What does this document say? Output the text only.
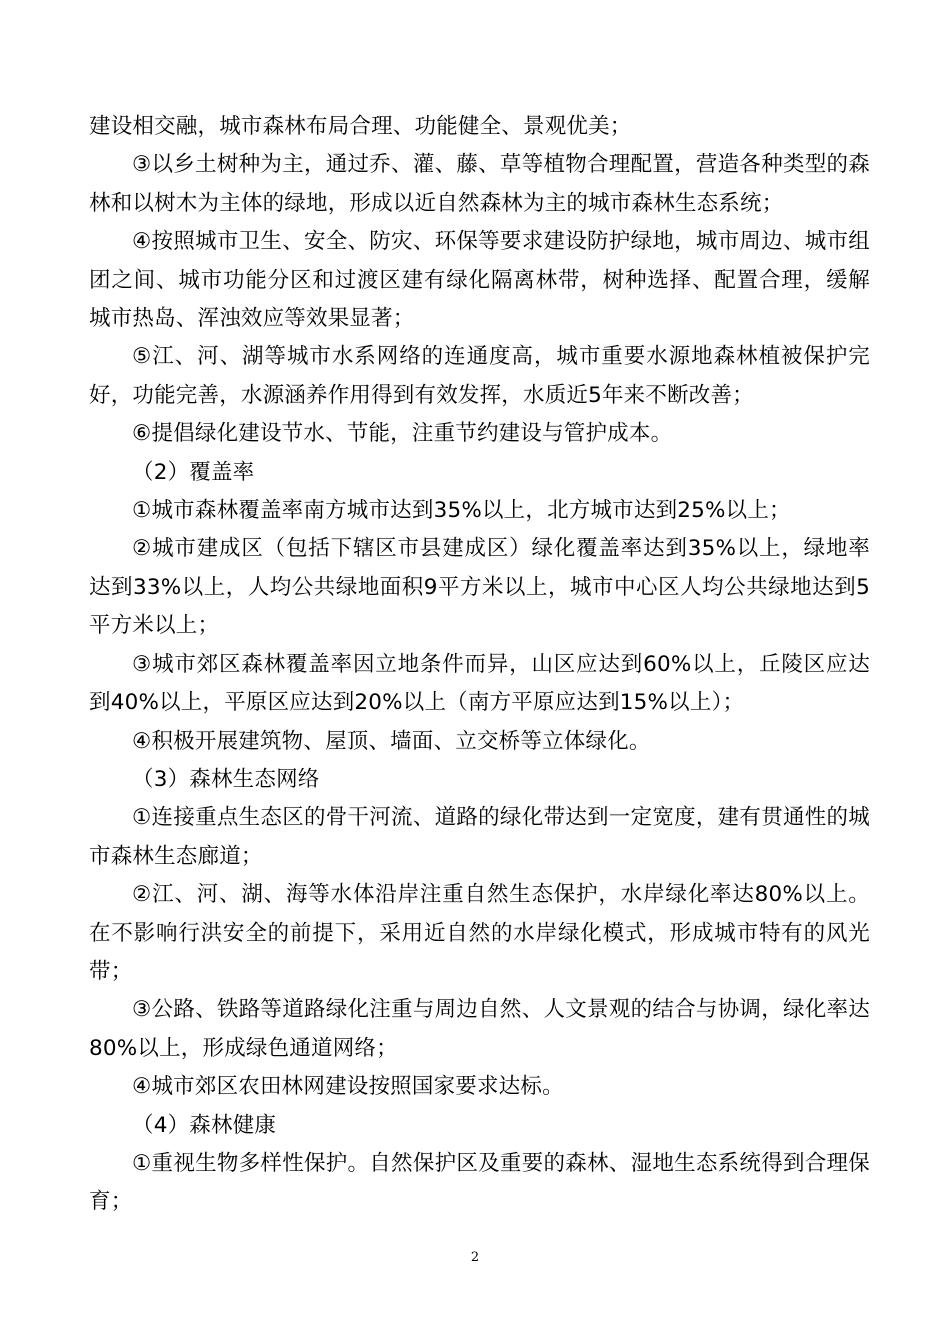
建设相交融，城市森林布局合理、功能健全、景观优美；

③以乡土树种为主，通过乔、灌、藤、草等植物合理配置，营造各种类型的森林和以树木为主体的绿地，形成以近自然森林为主的城市森林生态系统；

④按照城市卫生、安全、防灾、环保等要求建设防护绿地，城市周边、城市组团之间、城市功能分区和过渡区建有绿化隔离林带，树种选择、配置合理，缓解城市热岛、浑浊效应等效果显著；

⑤江、河、湖等城市水系网络的连通度高，城市重要水源地森林植被保护完好，功能完善，水源涵养作用得到有效发挥，水质近5年来不断改善；

⑥提倡绿化建设节水、节能，注重节约建设与管护成本。

（2）覆盖率

①城市森林覆盖率南方城市达到35%以上，北方城市达到25%以上；

②城市建成区（包括下辖区市县建成区）绿化覆盖率达到35%以上，绿地率达到33%以上，人均公共绿地面积9平方米以上，城市中心区人均公共绿地达到5平方米以上；

③城市郊区森林覆盖率因立地条件而异，山区应达到60%以上，丘陵区应达到40%以上，平原区应达到20%以上（南方平原应达到15%以上）；

④积极开展建筑物、屋顶、墙面、立交桥等立体绿化。

（3）森林生态网络

①连接重点生态区的骨干河流、道路的绿化带达到一定宽度，建有贯通性的城市森林生态廊道；

②江、河、湖、海等水体沿岸注重自然生态保护，水岸绿化率达80%以上。在不影响行洪安全的前提下，采用近自然的水岸绿化模式，形成城市特有的风光带；

③公路、铁路等道路绿化注重与周边自然、人文景观的结合与协调，绿化率达80%以上，形成绿色通道网络；

④城市郊区农田林网建设按照国家要求达标。

（4）森林健康

①重视生物多样性保护。自然保护区及重要的森林、湿地生态系统得到合理保育；

2
